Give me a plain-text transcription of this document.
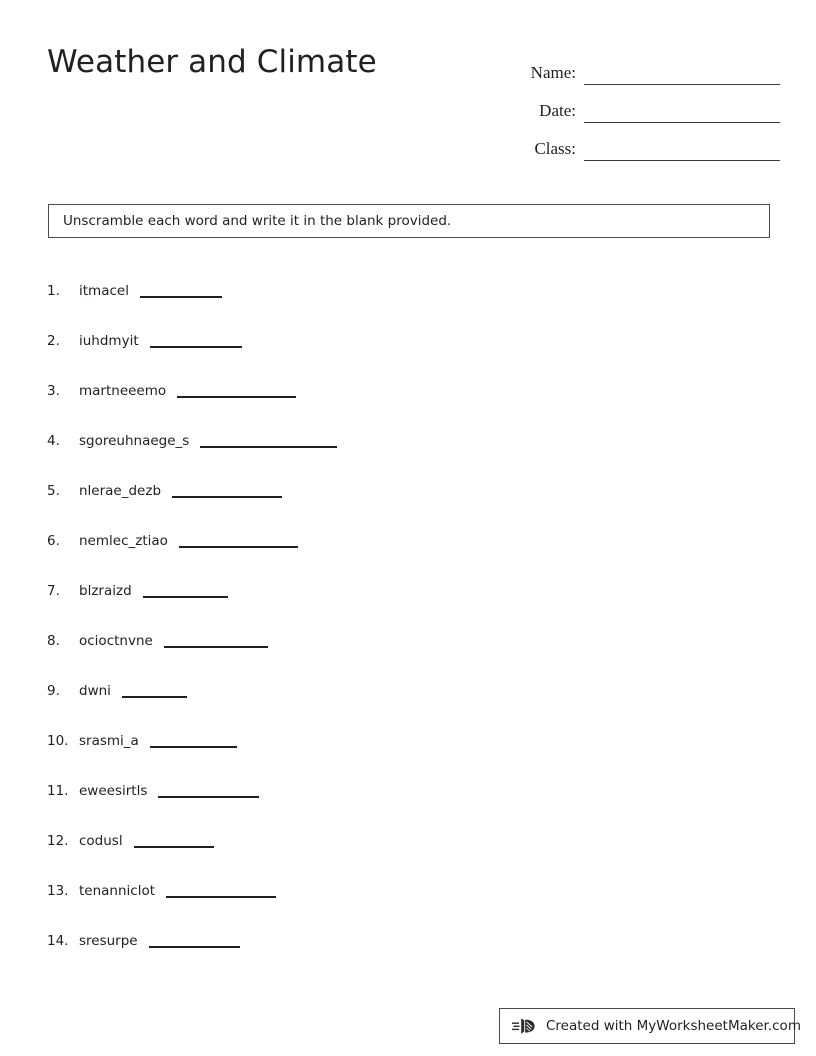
Weather and Climate	Name:
Date:
Class:
Unscramble each word and write it in the blank provided.
1.	itmacel
2.	iuhdmyit
3.	martneeemo
4.	sgoreuhnaege_s
5.	nlerae_dezb
6.	nemlec_ztiao
7.	blzraizd
8.	ocioctnvne
9.	dwni
10. srasmi_a
11. eweesirtls
12. codusl
13. tenanniclot
14. sresurpe
Created with MyWorksheetMaker.com
